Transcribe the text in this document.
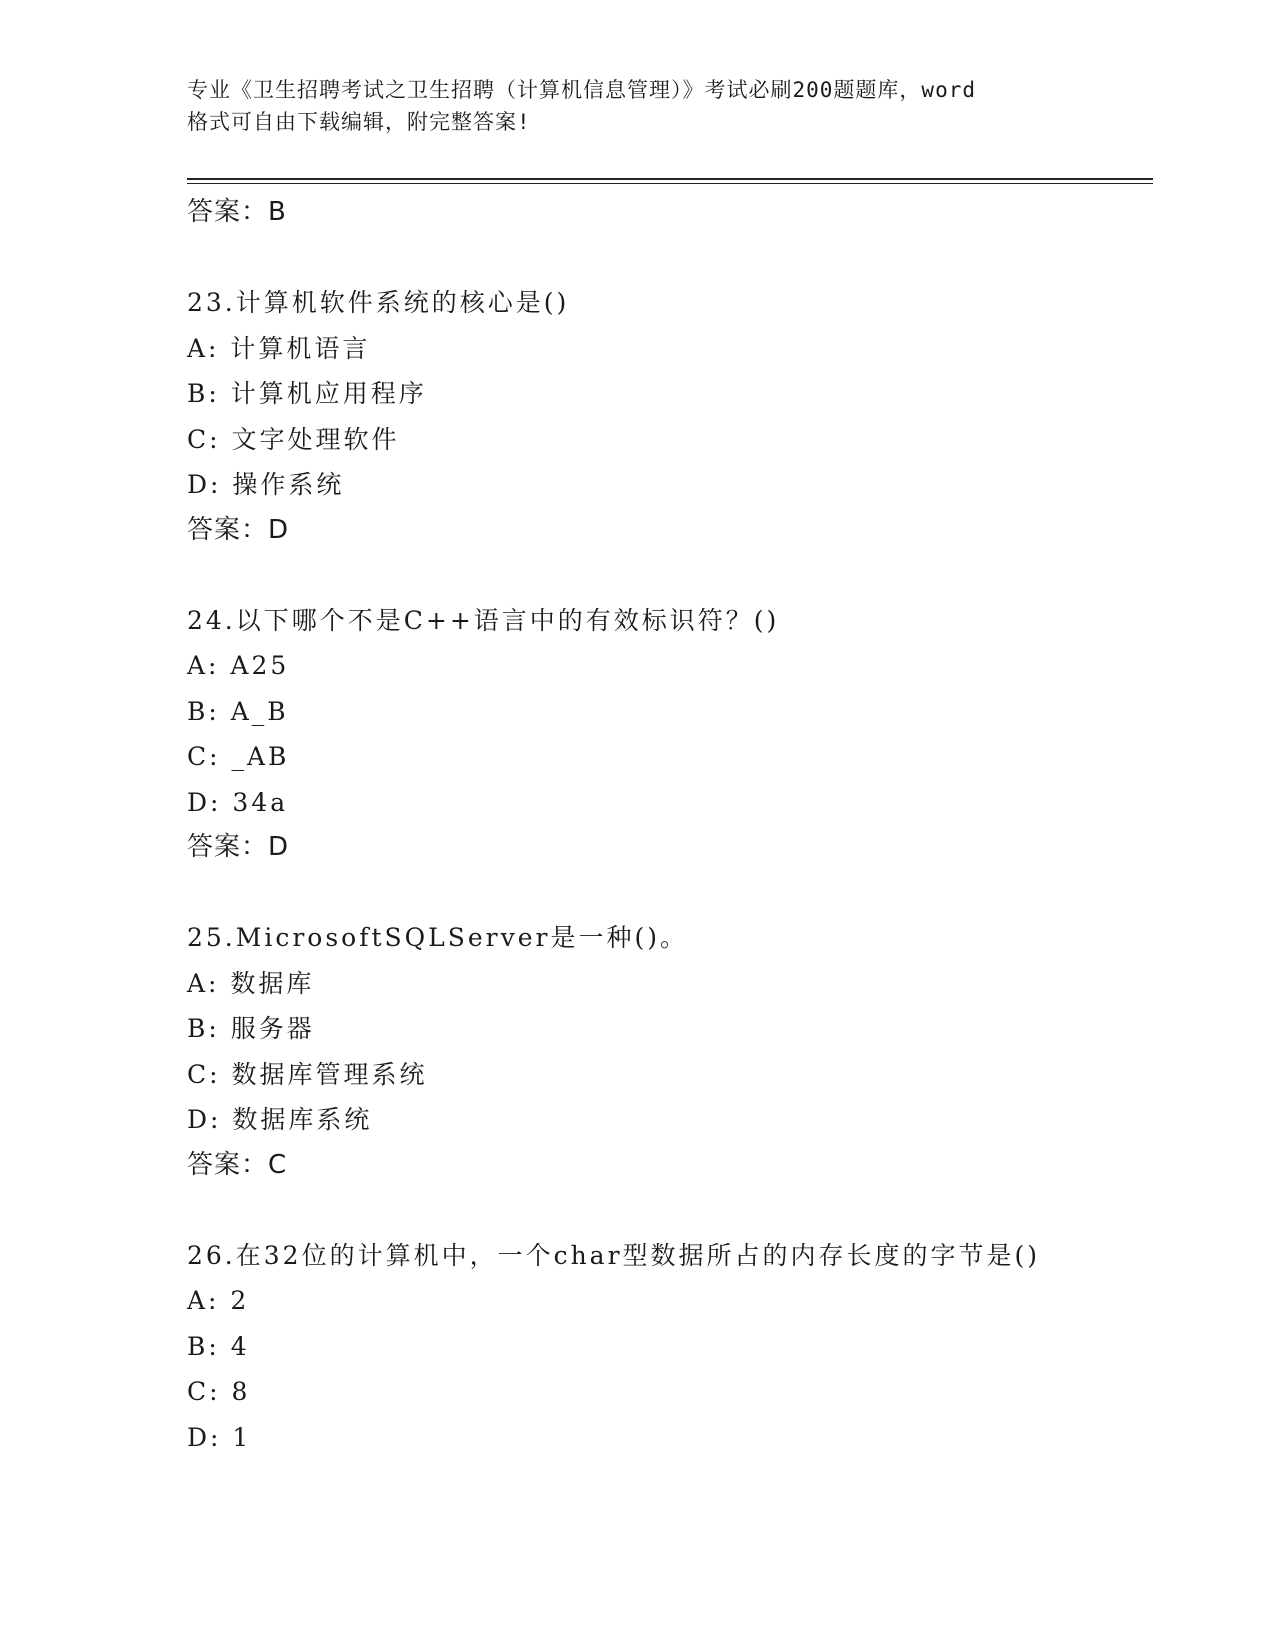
专业《卫生招聘考试之卫生招聘（计算机信息管理）》考试必刷200题题库，word
格式可自由下载编辑，附完整答案!
答案：B
23.计算机软件系统的核心是()
A: 计算机语言
B: 计算机应用程序
C: 文字处理软件
D: 操作系统
答案：D
24.以下哪个不是C++语言中的有效标识符？()
A: A25
B: A_B
C: _AB
D: 34a
答案：D
25.MicrosoftSQLServer是一种()。
A: 数据库
B: 服务器
C: 数据库管理系统
D: 数据库系统
答案：C
26.在32位的计算机中，一个char型数据所占的内存长度的字节是()
A: 2
B: 4
C: 8
D: 1
